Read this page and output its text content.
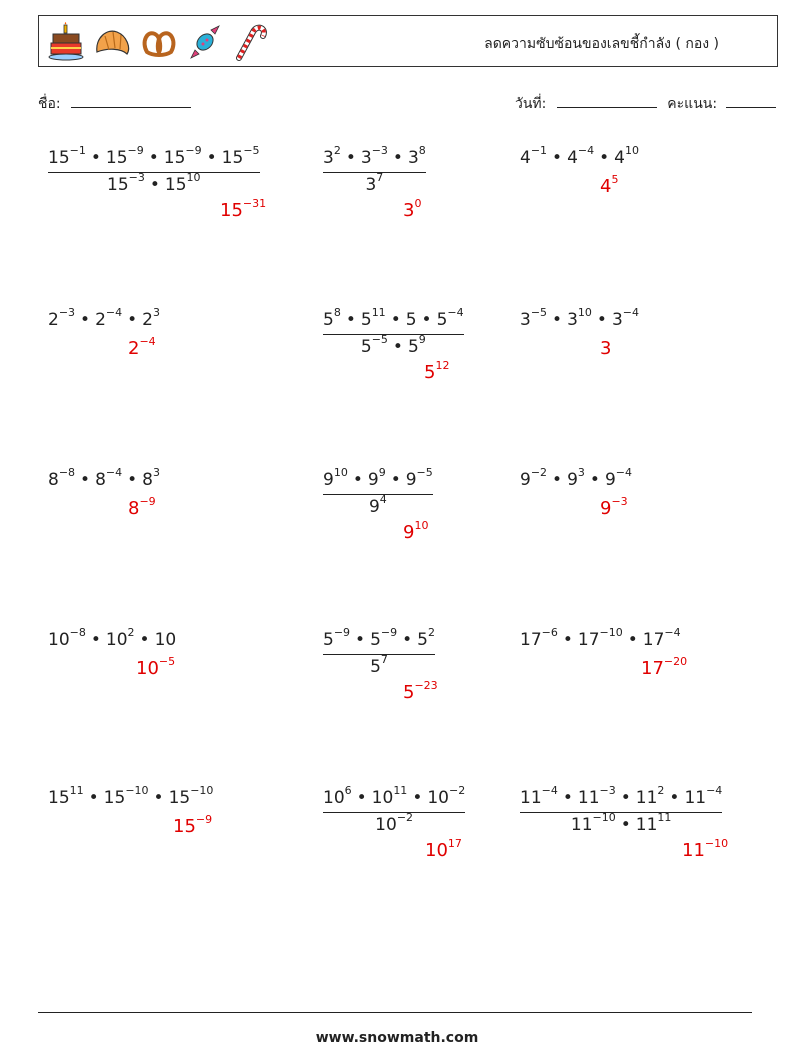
ลดความซับซ้อนของเลขชี้กำลัง ( กอง )
ชื่อ:	วันที่:	คะแนน:
$15^{-1}$ • $15^{-9}$ • $15^{-9}$ • $15^{-5}$
$15^{-3}$ • $15^{10}$
$15^{-31}$
$3^2$ • $3^{-3}$ • $3^8$
$3^7$
$3^0$
$4^{-1}$ • $4^{-4}$ • $4^{10}$
$4^5$
$2^{-3}$ • $2^{-4}$ • $2^3$
$2^{-4}$
$5^8$ • $5^{11}$ • 5 • $5^{-4}$
$5^{-5}$ • $5^9$
$5^{12}$
$3^{-5}$ • $3^{10}$ • $3^{-4}$
3
$8^{-8}$ • $8^{-4}$ • $8^3$
$8^{-9}$
$9^{10}$ • $9^9$ • $9^{-5}$
$9^4$
$9^{10}$
$9^{-2}$ • $9^3$ • $9^{-4}$
$9^{-3}$
$10^{-8}$ • $10^2$ • 10
$10^{-5}$
$5^{-9}$ • $5^{-9}$ • $5^2$
$5^7$
$5^{-23}$
$17^{-6}$ • $17^{-10}$ • $17^{-4}$
$17^{-20}$
$15^{11}$ • $15^{-10}$ • $15^{-10}$
$15^{-9}$
$10^6$ • $10^{11}$ • $10^{-2}$
$10^{-2}$
$10^{17}$
$11^{-4}$ • $11^{-3}$ • $11^2$ • $11^{-4}$
$11^{-10}$ • $11^{11}$
$11^{-10}$
www.snowmath.com
